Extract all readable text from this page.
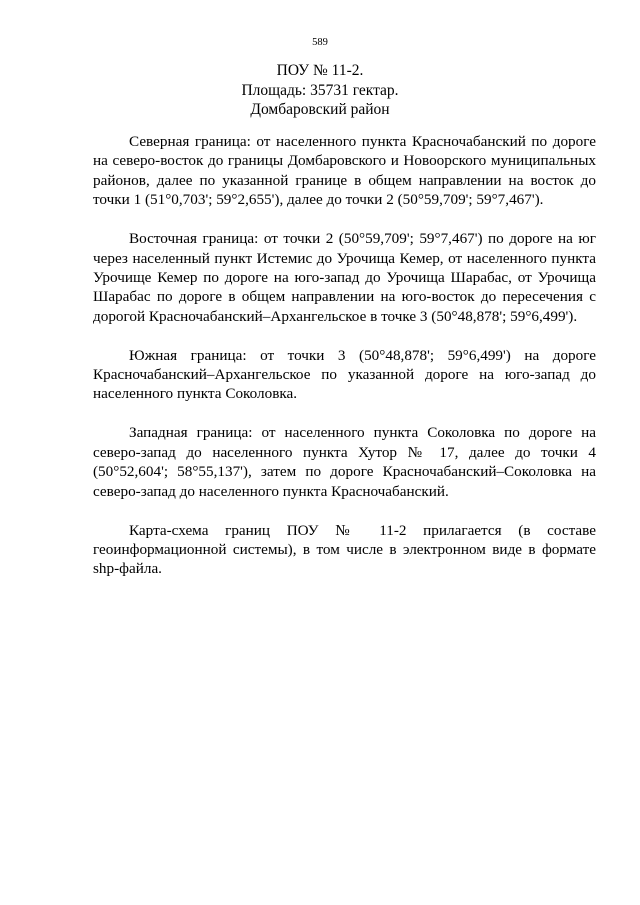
589
ПОУ № 11-2.
Площадь: 35731 гектар.
Домбаровский район

Северная граница: от населенного пункта Красночабанский по дороге на северо-восток до границы Домбаровского и Новоорского муниципальных районов, далее по указанной границе в общем направлении на восток до точки 1 (51°0,703'; 59°2,655'), далее до точки 2 (50°59,709'; 59°7,467').

Восточная граница: от точки 2 (50°59,709'; 59°7,467') по дороге на юг через населенный пункт Истемис до Урочища Кемер, от населенного пункта Урочище Кемер по дороге на юго-запад до Урочища Шарабас, от Урочища Шарабас по дороге в общем направлении на юго-восток до пересечения с дорогой Красночабанский–Архангельское в точке 3 (50°48,878'; 59°6,499').

Южная граница: от точки 3 (50°48,878'; 59°6,499') на дороге Красночабанский–Архангельское по указанной дороге на юго-запад до населенного пункта Соколовка.

Западная граница: от населенного пункта Соколовка по дороге на северо-запад до населенного пункта Хутор № 17, далее до точки 4 (50°52,604'; 58°55,137'), затем по дороге Красночабанский–Соколовка на северо-запад до населенного пункта Красночабанский.

Карта-схема границ ПОУ № 11-2 прилагается (в составе геоинформационной системы), в том числе в электронном виде в формате shp-файла.
